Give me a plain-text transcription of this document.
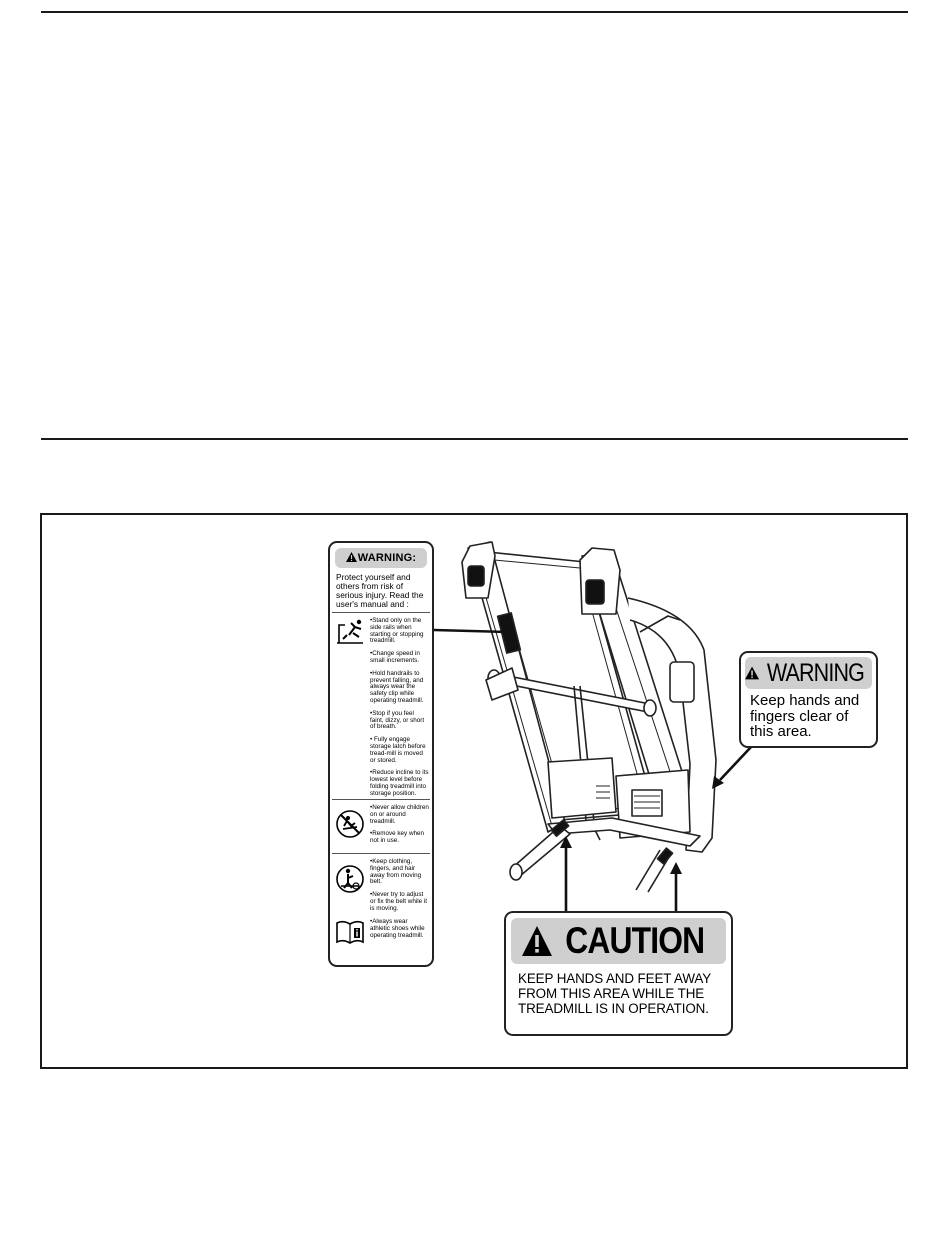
WARNING:
Protect yourself and others from risk of serious injury. Read the user's manual and :
•Stand only on the side rails when starting or stopping treadmill.
•Change speed in small increments.
•Hold handrails to prevent falling, and always wear the safety clip while operating treadmill.
•Stop if you feel faint, dizzy, or short of breath.
• Fully engage storage latch before tread-mill is moved or stored.
•Reduce incline to its lowest level before folding treadmill into storage position.
•Never allow children on or around treadmill.
•Remove key when not in use.
•Keep clothing, fingers, and hair away from moving belt.
•Never try to adjust or fix the belt while it is moving.
•Always wear athletic shoes while operating treadmill.
WARNING
Keep hands and fingers clear of this area.
CAUTION
KEEP HANDS AND FEET AWAY
FROM THIS AREA WHILE THE
TREADMILL IS IN OPERATION.
